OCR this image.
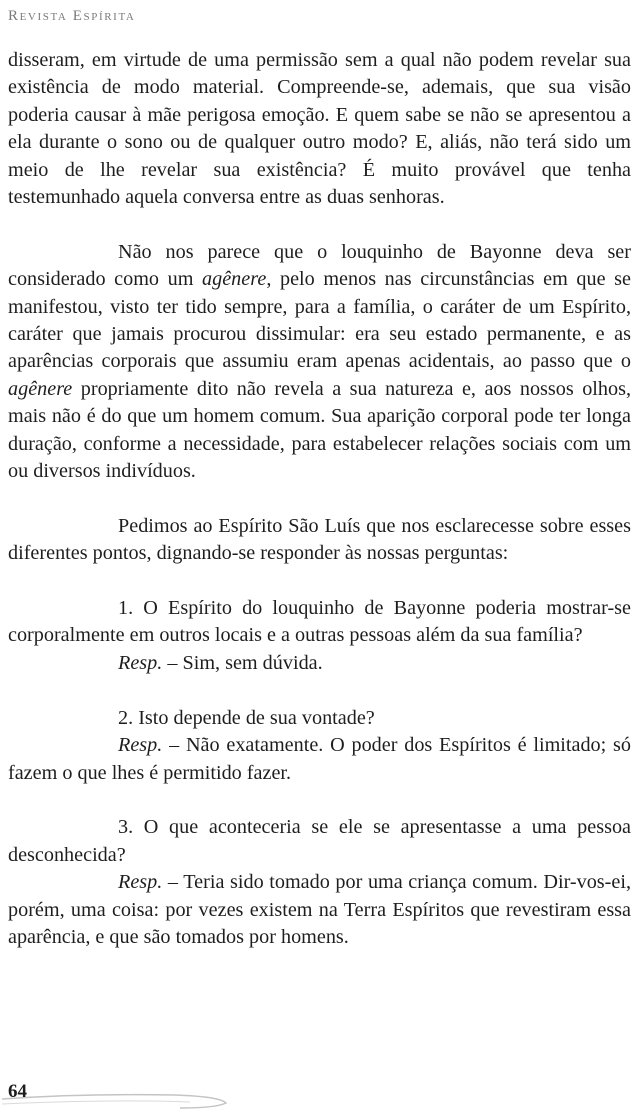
Revista Espírita

disseram, em virtude de uma permissão sem a qual não podem revelar sua existência de modo material. Compreende-se, ademais, que sua visão poderia causar à mãe perigosa emoção. E quem sabe se não se apresentou a ela durante o sono ou de qualquer outro modo? E, aliás, não terá sido um meio de lhe revelar sua existência? É muito provável que tenha testemunhado aquela conversa entre as duas senhoras.

Não nos parece que o louquinho de Bayonne deva ser considerado como um agênere, pelo menos nas circunstâncias em que se manifestou, visto ter tido sempre, para a família, o caráter de um Espírito, caráter que jamais procurou dissimular: era seu estado permanente, e as aparências corporais que assumiu eram apenas acidentais, ao passo que o agênere propriamente dito não revela a sua natureza e, aos nossos olhos, mais não é do que um homem comum. Sua aparição corporal pode ter longa duração, conforme a necessidade, para estabelecer relações sociais com um ou diversos indivíduos.

Pedimos ao Espírito São Luís que nos esclarecesse sobre esses diferentes pontos, dignando-se responder às nossas perguntas:

1. O Espírito do louquinho de Bayonne poderia mostrar-se corporalmente em outros locais e a outras pessoas além da sua família?

Resp. – Sim, sem dúvida.

2. Isto depende de sua vontade?

Resp. – Não exatamente. O poder dos Espíritos é limitado; só fazem o que lhes é permitido fazer.

3. O que aconteceria se ele se apresentasse a uma pessoa desconhecida?

Resp. – Teria sido tomado por uma criança comum. Dir-vos-ei, porém, uma coisa: por vezes existem na Terra Espíritos que revestiram essa aparência, e que são tomados por homens.

64
